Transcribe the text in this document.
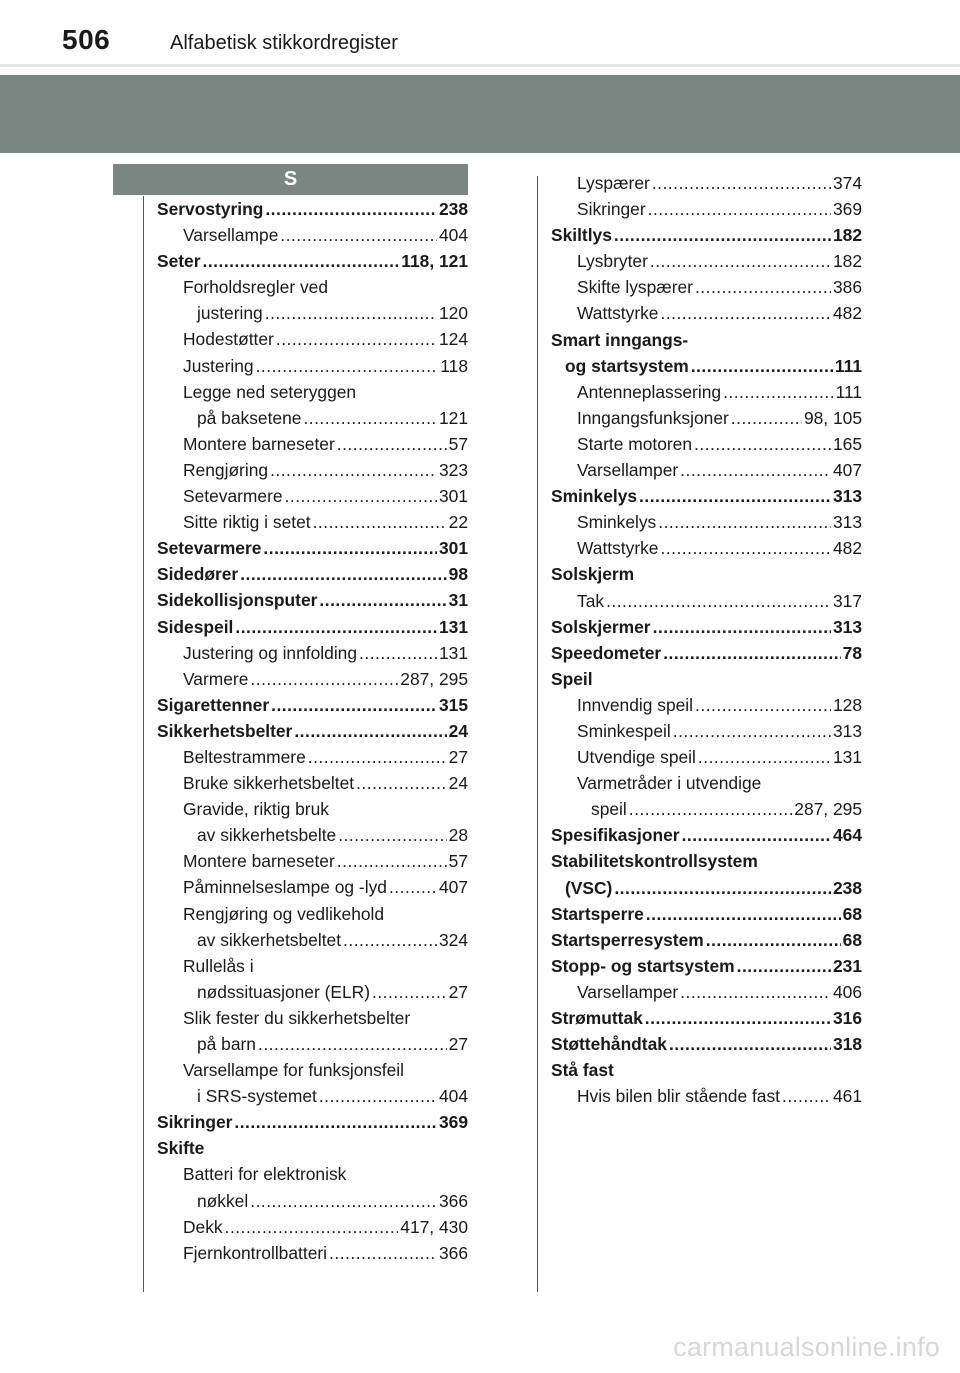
506	Alfabetisk stikkordregister
S
Servostyring .....	238
Varsellampe .....	404
Seter .....	118, 121
Forholdsregler ved
justering .....	120
Hodestøtter .....	124
Justering .....	118
Legge ned seteryggen
på baksetene .....	121
Montere barneseter .....	57
Rengjøring .....	323
Setevarmere .....	301
Sitte riktig i setet .....	22
Setevarmere .....	301
Sidedører .....	98
Sidekollisjonsputer .....	31
Sidespeil .....	131
Justering og innfolding .....	131
Varmere .....	287, 295
Sigarettenner .....	315
Sikkerhetsbelter .....	24
Beltestrammere .....	27
Bruke sikkerhetsbeltet .....	24
Gravide, riktig bruk
av sikkerhetsbelte .....	28
Montere barneseter .....	57
Påminnelseslampe og -lyd .....	407
Rengjøring og vedlikehold
av sikkerhetsbeltet .....	324
Rullelås i
nødssituasjoner (ELR) .....	27
Slik fester du sikkerhetsbelter
på barn .....	27
Varsellampe for funksjonsfeil
i SRS-systemet .....	404
Sikringer .....	369
Skifte
Batteri for elektronisk
nøkkel .....	366
Dekk .....	417, 430
Fjernkontrollbatteri .....	366
Lyspærer .....	374
Sikringer .....	369
Skiltlys .....	182
Lysbryter .....	182
Skifte lyspærer .....	386
Wattstyrke .....	482
Smart inngangs-
og startsystem .....	111
Antenneplassering .....	111
Inngangsfunksjoner .....	98, 105
Starte motoren .....	165
Varsellamper .....	407
Sminkelys .....	313
Sminkelys .....	313
Wattstyrke .....	482
Solskjerm
Tak .....	317
Solskjermer .....	313
Speedometer .....	78
Speil
Innvendig speil .....	128
Sminkespeil .....	313
Utvendige speil .....	131
Varmetråder i utvendige
speil .....	287, 295
Spesifikasjoner .....	464
Stabilitetskontrollsystem
(VSC) .....	238
Startsperre .....	68
Startsperresystem .....	68
Stopp- og startsystem .....	231
Varsellamper .....	406
Strømuttak .....	316
Støttehåndtak .....	318
Stå fast
Hvis bilen blir stående fast .....	461
carmanualsonline.info
